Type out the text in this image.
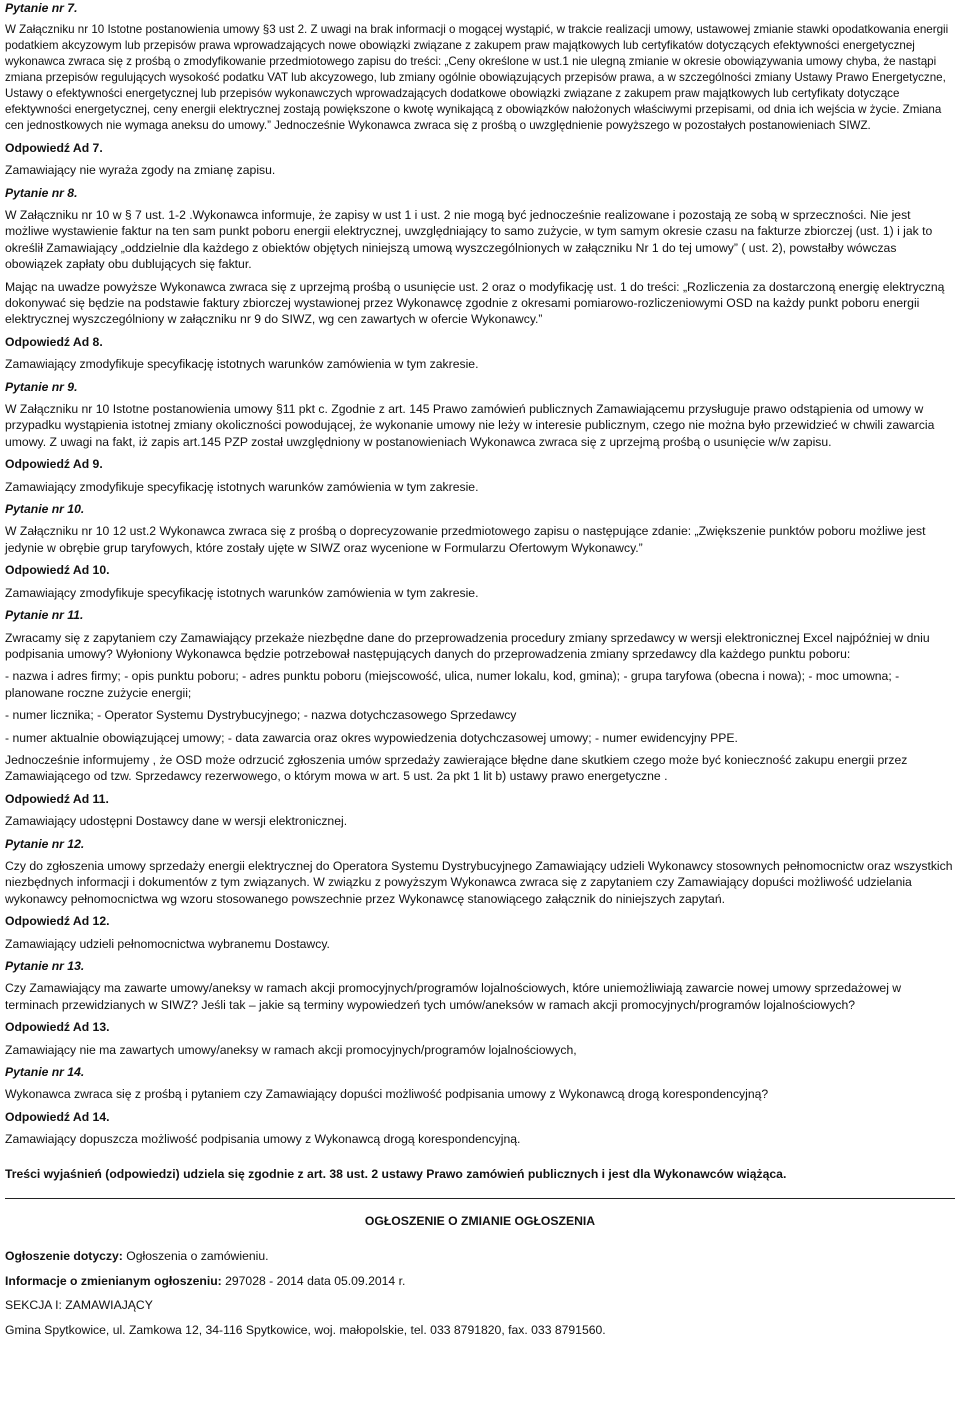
Pytanie nr 7.

W Załączniku nr 10 Istotne postanowienia umowy §3 ust 2. Z uwagi na brak informacji o mogącej wystąpić, w trakcie realizacji umowy, ustawowej zmianie stawki opodatkowania energii podatkiem akcyzowym lub przepisów prawa wprowadzających nowe obowiązki związane z zakupem praw majątkowych lub certyfikatów dotyczących efektywności energetycznej wykonawca zwraca się z prośbą o zmodyfikowanie przedmiotowego zapisu do treści: „Ceny określone w ust.1 nie ulegną zmianie w okresie obowiązywania umowy chyba, że nastąpi zmiana przepisów regulujących wysokość podatku VAT lub akcyzowego, lub zmiany ogólnie obowiązujących przepisów prawa, a w szczególności zmiany Ustawy Prawo Energetyczne, Ustawy o efektywności energetycznej lub przepisów wykonawczych wprowadzających dodatkowe obowiązki związane z zakupem praw majątkowych lub certyfikaty dotyczące efektywności energetycznej, ceny energii elektrycznej zostają powiększone o kwotę wynikającą z obowiązków nałożonych właściwymi przepisami, od dnia ich wejścia w życie. Zmiana cen jednostkowych nie wymaga aneksu do umowy.” Jednocześnie Wykonawca zwraca się z prośbą o uwzględnienie powyższego w pozostałych postanowieniach SIWZ.

Odpowiedź Ad 7.

Zamawiający nie wyraża zgody na zmianę zapisu.

Pytanie nr 8.

W Załączniku nr 10 w § 7 ust. 1-2 .Wykonawca informuje, że zapisy w ust 1 i ust. 2 nie mogą być jednocześnie realizowane i pozostają ze sobą w sprzeczności. Nie jest możliwe wystawienie faktur na ten sam punkt poboru energii elektrycznej, uwzględniający to samo zużycie, w tym samym okresie czasu na fakturze zbiorczej (ust. 1) i jak to określił Zamawiający „oddzielnie dla każdego z obiektów objętych niniejszą umową wyszczególnionych w załączniku Nr 1 do tej umowy” ( ust. 2), powstałby wówczas obowiązek zapłaty obu dublujących się faktur.

Mając na uwadze powyższe Wykonawca zwraca się z uprzejmą prośbą o usunięcie ust. 2 oraz o modyfikację ust. 1 do treści: „Rozliczenia za dostarczoną energię elektryczną dokonywać się będzie na podstawie faktury zbiorczej wystawionej przez Wykonawcę zgodnie z okresami pomiarowo-rozliczeniowymi OSD na każdy punkt poboru energii elektrycznej wyszczególniony w załączniku nr 9 do SIWZ, wg cen zawartych w ofercie Wykonawcy.”

Odpowiedź Ad 8.

Zamawiający zmodyfikuje specyfikację istotnych warunków zamówienia w tym zakresie.

Pytanie nr 9.

W Załączniku nr 10 Istotne postanowienia umowy §11 pkt c. Zgodnie z art. 145 Prawo zamówień publicznych Zamawiającemu przysługuje prawo odstąpienia od umowy w przypadku wystąpienia istotnej zmiany okoliczności powodującej, że wykonanie umowy nie leży w interesie publicznym, czego nie można było przewidzieć w chwili zawarcia umowy. Z uwagi na fakt, iż zapis art.145 PZP został uwzględniony w postanowieniach Wykonawca zwraca się z uprzejmą prośbą o usunięcie w/w zapisu.

Odpowiedź Ad 9.

Zamawiający zmodyfikuje specyfikację istotnych warunków zamówienia w tym zakresie.

Pytanie nr 10.

W Załączniku nr 10 12 ust.2 Wykonawca zwraca się z prośbą o doprecyzowanie przedmiotowego zapisu o następujące zdanie: „Zwiększenie punktów poboru możliwe jest jedynie w obrębie grup taryfowych, które zostały ujęte w SIWZ oraz wycenione w Formularzu Ofertowym Wykonawcy.”

Odpowiedź Ad 10.

Zamawiający zmodyfikuje specyfikację istotnych warunków zamówienia w tym zakresie.

Pytanie nr 11.

Zwracamy się z zapytaniem czy Zamawiający przekaże niezbędne dane do przeprowadzenia procedury zmiany sprzedawcy w wersji elektronicznej Excel najpóźniej w dniu podpisania umowy? Wyłoniony Wykonawca będzie potrzebował następujących danych do przeprowadzenia zmiany sprzedawcy dla każdego punktu poboru:

- nazwa i adres firmy; - opis punktu poboru; - adres punktu poboru (miejscowość, ulica, numer lokalu, kod, gmina); - grupa taryfowa (obecna i nowa); - moc umowna; - planowane roczne zużycie energii;

- numer licznika; - Operator Systemu Dystrybucyjnego; - nazwa dotychczasowego Sprzedawcy

- numer aktualnie obowiązującej umowy; - data zawarcia oraz okres wypowiedzenia dotychczasowej umowy; - numer ewidencyjny PPE.

Jednocześnie informujemy , że OSD może odrzucić zgłoszenia umów sprzedaży zawierające błędne dane skutkiem czego może być konieczność zakupu energii przez Zamawiającego od tzw. Sprzedawcy rezerwowego, o którym mowa w art. 5 ust. 2a pkt 1 lit b) ustawy prawo energetyczne .

Odpowiedź Ad 11.

Zamawiający udostępni Dostawcy dane w wersji elektronicznej.

Pytanie nr 12.

Czy do zgłoszenia umowy sprzedaży energii elektrycznej do Operatora Systemu Dystrybucyjnego Zamawiający udzieli Wykonawcy stosownych pełnomocnictw oraz wszystkich niezbędnych informacji i dokumentów z tym związanych. W związku z powyższym Wykonawca zwraca się z zapytaniem czy Zamawiający dopuści możliwość udzielania wykonawcy pełnomocnictwa wg wzoru stosowanego powszechnie przez Wykonawcę stanowiącego załącznik do niniejszych zapytań.

Odpowiedź Ad 12.

Zamawiający udzieli pełnomocnictwa wybranemu Dostawcy.

Pytanie nr 13.

Czy Zamawiający ma zawarte umowy/aneksy w ramach akcji promocyjnych/programów lojalnościowych, które uniemożliwiają zawarcie nowej umowy sprzedażowej w terminach przewidzianych w SIWZ? Jeśli tak – jakie są terminy wypowiedzeń tych umów/aneksów w ramach akcji promocyjnych/programów lojalnościowych?

Odpowiedź Ad 13.

Zamawiający nie ma zawartych umowy/aneksy w ramach akcji promocyjnych/programów lojalnościowych,

Pytanie nr 14.

Wykonawca zwraca się z prośbą i pytaniem czy Zamawiający dopuści możliwość podpisania umowy z Wykonawcą drogą korespondencyjną?

Odpowiedź Ad 14.

Zamawiający dopuszcza możliwość podpisania umowy z Wykonawcą drogą korespondencyjną.

Treści wyjaśnień (odpowiedzi) udziela się zgodnie z art. 38 ust. 2 ustawy Prawo zamówień publicznych i jest dla Wykonawców wiążąca.

OGŁOSZENIE O ZMIANIE OGŁOSZENIA

Ogłoszenie dotyczy: Ogłoszenia o zamówieniu.

Informacje o zmienianym ogłoszeniu: 297028 - 2014 data 05.09.2014 r.

SEKCJA I: ZAMAWIAJĄCY

Gmina Spytkowice, ul. Zamkowa 12, 34-116 Spytkowice, woj. małopolskie, tel. 033 8791820, fax. 033 8791560.
